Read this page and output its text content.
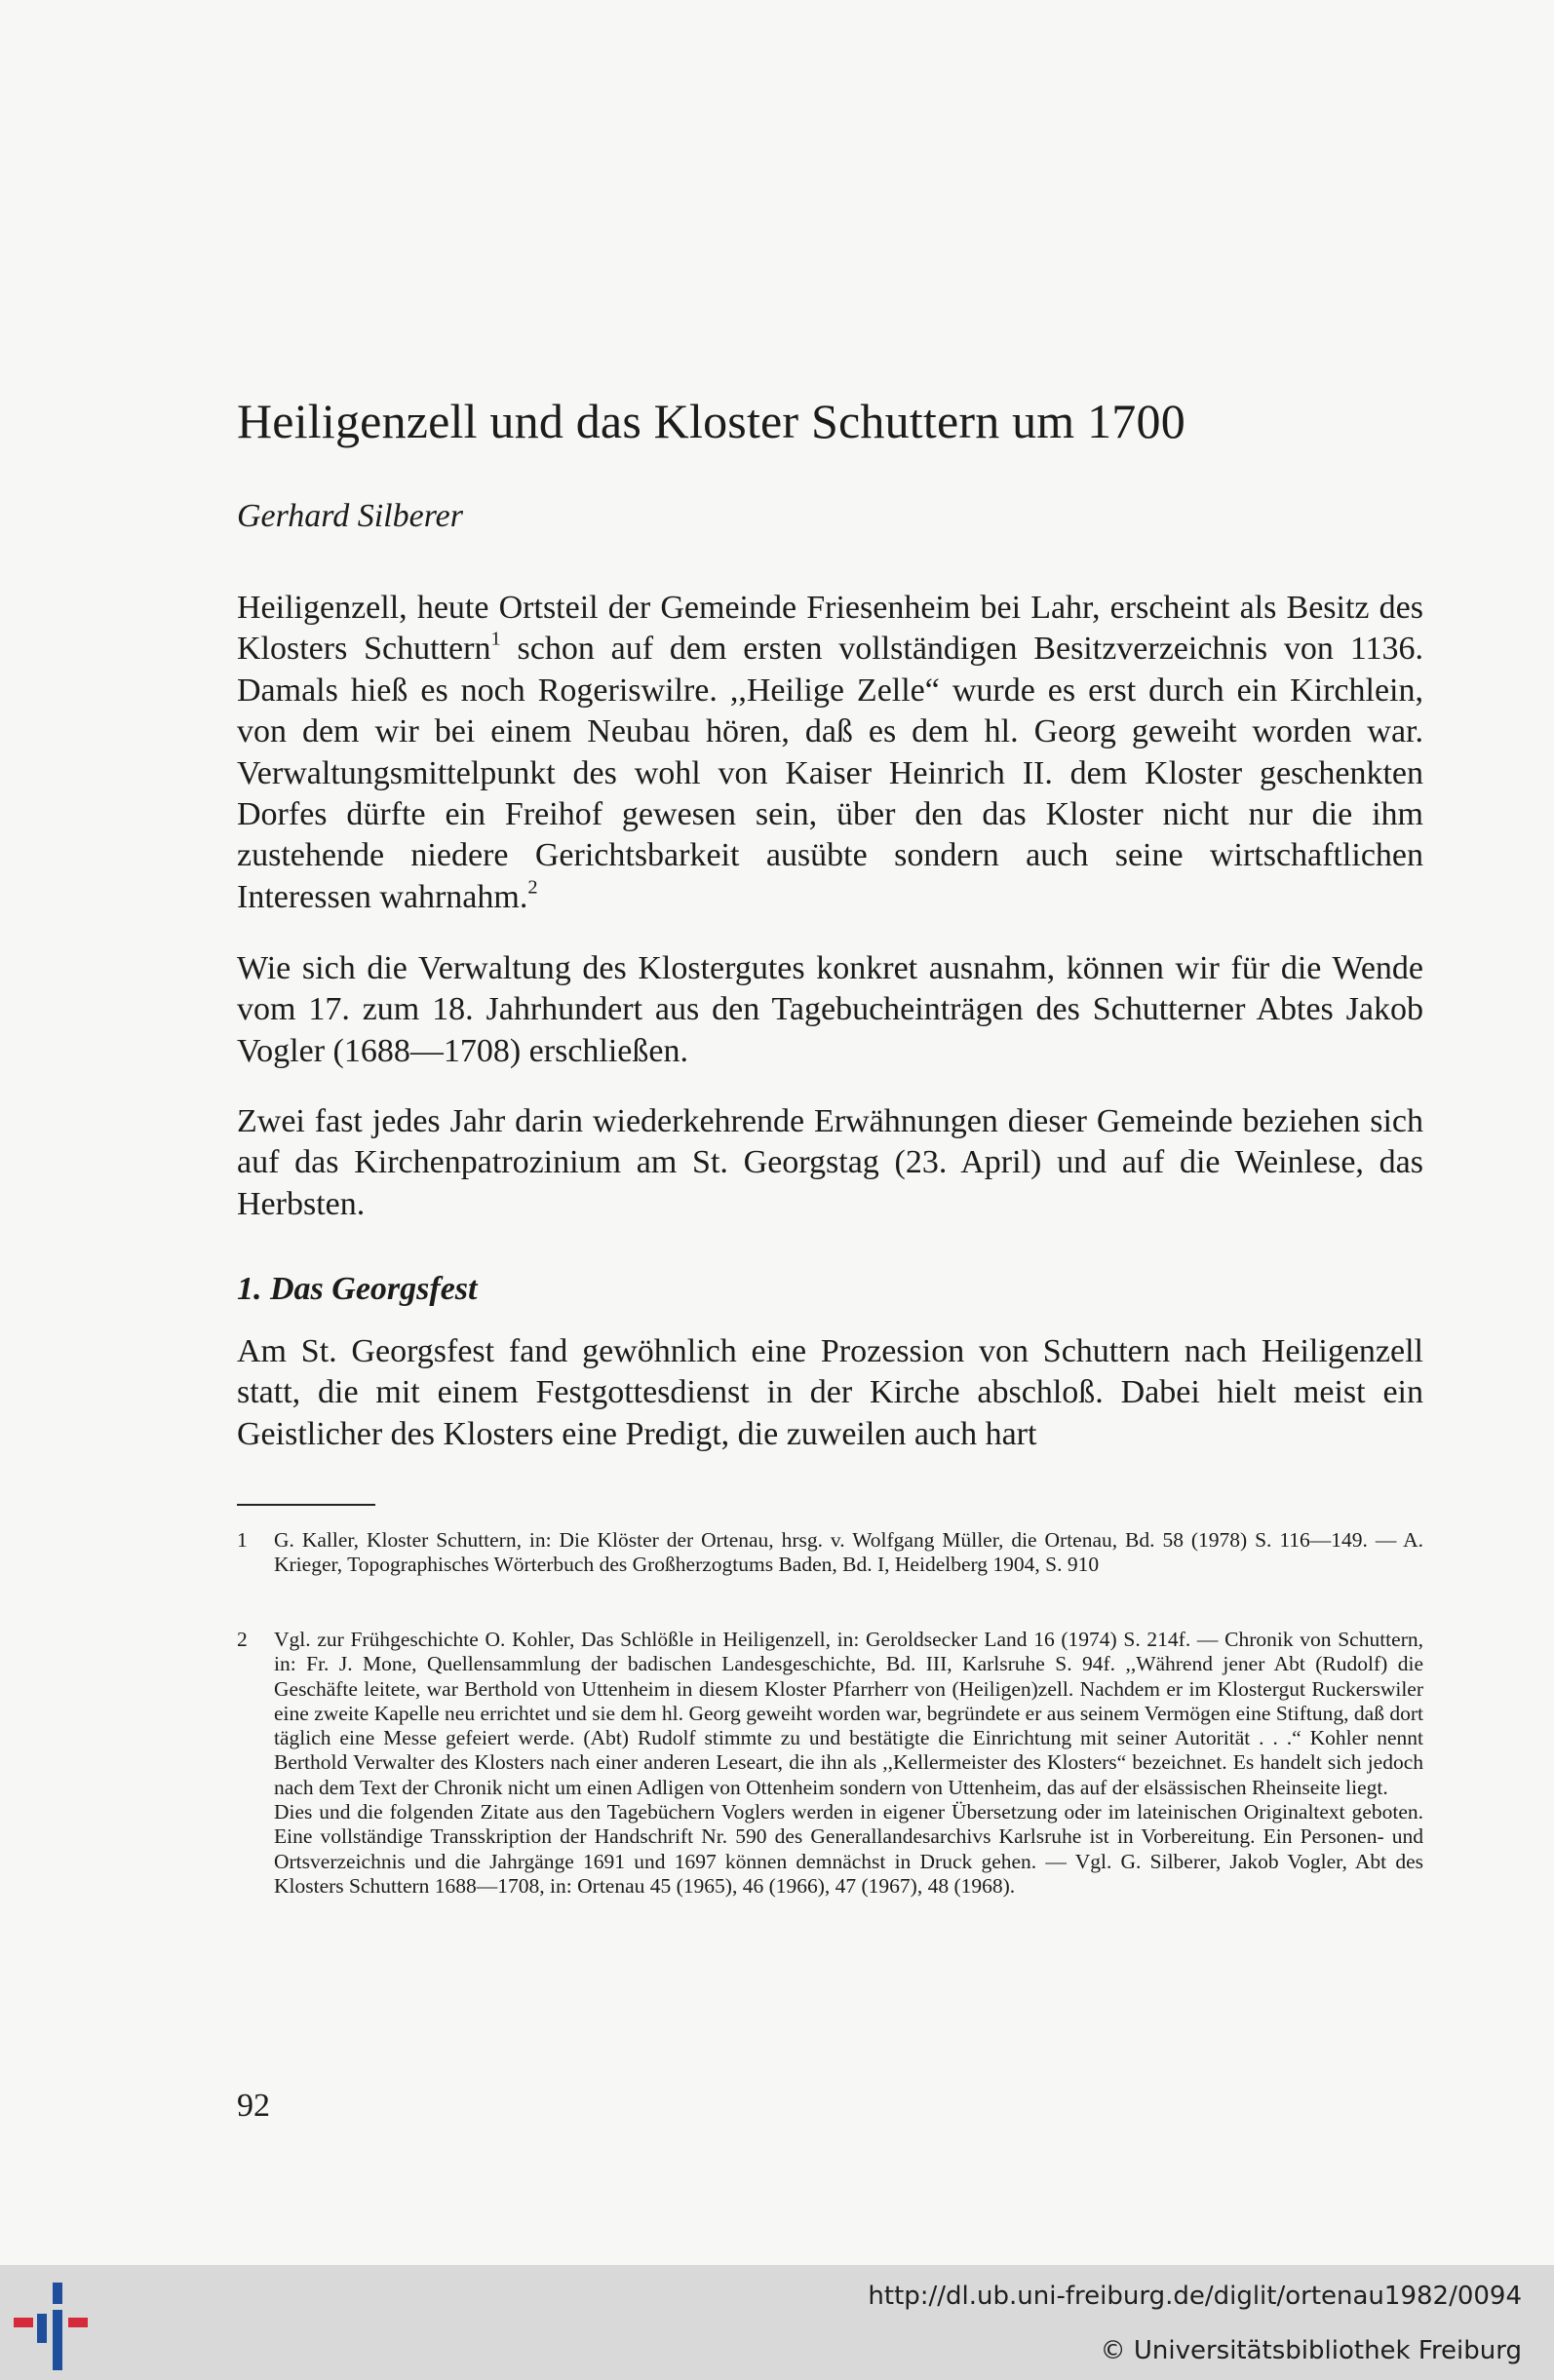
Heiligenzell und das Kloster Schuttern um 1700

Gerhard Silberer

Heiligenzell, heute Ortsteil der Gemeinde Friesenheim bei Lahr, erscheint als Besitz des Klosters Schuttern$^1$ schon auf dem ersten vollständigen Besitzverzeichnis von 1136. Damals hieß es noch Rogeriswilre. ,,Heilige Zelle“ wurde es erst durch ein Kirchlein, von dem wir bei einem Neubau hören, daß es dem hl. Georg geweiht worden war. Verwaltungsmittelpunkt des wohl von Kaiser Heinrich II. dem Kloster geschenkten Dorfes dürfte ein Freihof gewesen sein, über den das Kloster nicht nur die ihm zustehende niedere Gerichtsbarkeit ausübte sondern auch seine wirtschaftlichen Interessen wahrnahm.$^2$

Wie sich die Verwaltung des Klostergutes konkret ausnahm, können wir für die Wende vom 17. zum 18. Jahrhundert aus den Tagebucheinträgen des Schutterner Abtes Jakob Vogler (1688—1708) erschließen.

Zwei fast jedes Jahr darin wiederkehrende Erwähnungen dieser Gemeinde beziehen sich auf das Kirchenpatrozinium am St. Georgstag (23. April) und auf die Weinlese, das Herbsten.

1. Das Georgsfest

Am St. Georgsfest fand gewöhnlich eine Prozession von Schuttern nach Heiligenzell statt, die mit einem Festgottesdienst in der Kirche abschloß. Dabei hielt meist ein Geistlicher des Klosters eine Predigt, die zuweilen auch hart

1 G. Kaller, Kloster Schuttern, in: Die Klöster der Ortenau, hrsg. v. Wolfgang Müller, die Ortenau, Bd. 58 (1978) S. 116—149. — A. Krieger, Topographisches Wörterbuch des Großherzogtums Baden, Bd. I, Heidelberg 1904, S. 910
2 Vgl. zur Frühgeschichte O. Kohler, Das Schlößle in Heiligenzell, in: Geroldsecker Land 16 (1974) S. 214f. — Chronik von Schuttern, in: Fr. J. Mone, Quellensammlung der badischen Landesgeschichte, Bd. III, Karlsruhe S. 94f. ,,Während jener Abt (Rudolf) die Geschäfte leitete, war Berthold von Uttenheim in diesem Kloster Pfarrherr von (Heiligen)zell. Nachdem er im Klostergut Ruckerswiler eine zweite Kapelle neu errichtet und sie dem hl. Georg geweiht worden war, begründete er aus seinem Vermögen eine Stiftung, daß dort täglich eine Messe gefeiert werde. (Abt) Rudolf stimmte zu und bestätigte die Einrichtung mit seiner Autorität . . .“ Kohler nennt Berthold Verwalter des Klosters nach einer anderen Leseart, die ihn als ,,Kellermeister des Klosters“ bezeichnet. Es handelt sich jedoch nach dem Text der Chronik nicht um einen Adligen von Ottenheim sondern von Uttenheim, das auf der elsässischen Rheinseite liegt.
Dies und die folgenden Zitate aus den Tagebüchern Voglers werden in eigener Übersetzung oder im lateinischen Originaltext geboten. Eine vollständige Transskription der Handschrift Nr. 590 des Generallandesarchivs Karlsruhe ist in Vorbereitung. Ein Personen- und Ortsverzeichnis und die Jahrgänge 1691 und 1697 können demnächst in Druck gehen. — Vgl. G. Silberer, Jakob Vogler, Abt des Klosters Schuttern 1688—1708, in: Ortenau 45 (1965), 46 (1966), 47 (1967), 48 (1968).

92

http://dl.ub.uni-freiburg.de/diglit/ortenau1982/0094
© Universitätsbibliothek Freiburg
